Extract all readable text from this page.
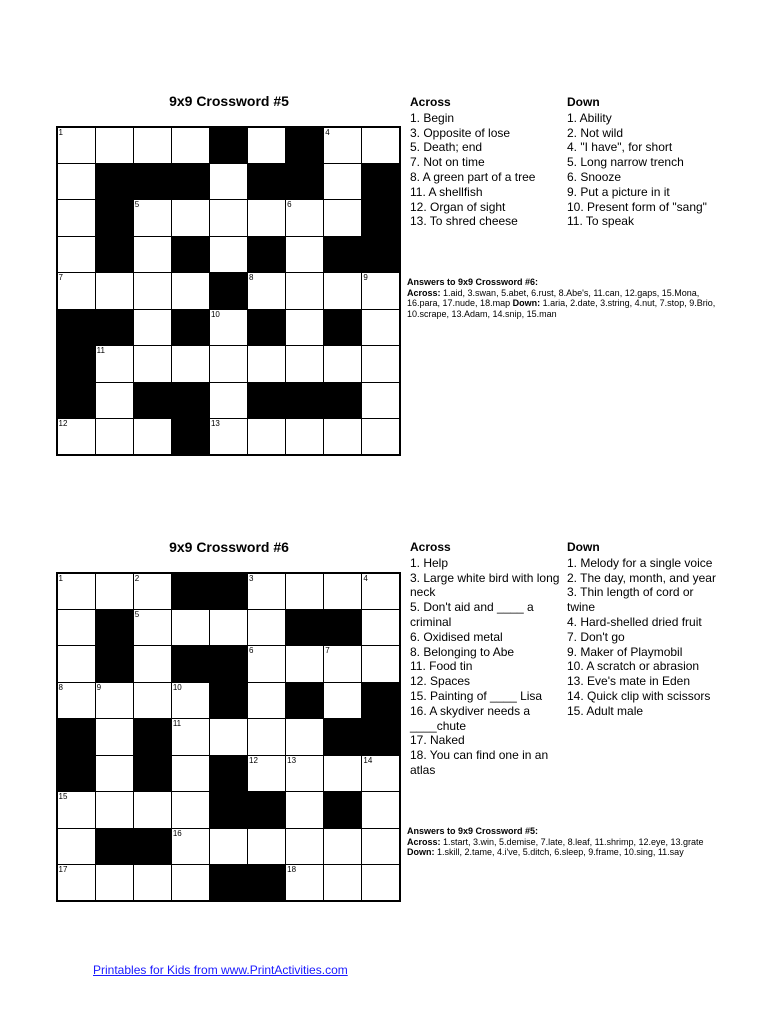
9x9 Crossword #5
1	2	3	4
5	6
7	8	9
10
11
12	13
Across
1. Begin
3. Opposite of lose
5. Death; end
7. Not on time
8. A green part of a tree
11. A shellfish
12. Organ of sight
13. To shred cheese
Down
1. Ability
2. Not wild
4. "I have", for short
5. Long narrow trench
6. Snooze
9. Put a picture in it
10. Present form of "sang"
11. To speak
Answers to 9x9 Crossword #6:
Across: 1.aid, 3.swan, 5.abet, 6.rust, 8.Abe's, 11.can, 12.gaps, 15.Mona, 16.para, 17.nude, 18.map Down: 1.aria, 2.date, 3.string, 4.nut, 7.stop, 9.Brio, 10.scrape, 13.Adam, 14.snip, 15.man
9x9 Crossword #6
1	2	3	4
5
6	7
8	9	10
11
12	13	14
15
16
17	18
Across
1. Help
3. Large white bird with long neck
5. Don't aid and ____ a criminal
6. Oxidised metal
8. Belonging to Abe
11. Food tin
12. Spaces
15. Painting of ____ Lisa
16. A skydiver needs a ____chute
17. Naked
18. You can find one in an atlas
Down
1. Melody for a single voice
2. The day, month, and year
3. Thin length of cord or twine
4. Hard-shelled dried fruit
7. Don't go
9. Maker of Playmobil
10. A scratch or abrasion
13. Eve's mate in Eden
14. Quick clip with scissors
15. Adult male
Answers to 9x9 Crossword #5:
Across: 1.start, 3.win, 5.demise, 7.late, 8.leaf, 11.shrimp, 12.eye, 13.grate Down: 1.skill, 2.tame, 4.i've, 5.ditch, 6.sleep, 9.frame, 10.sing, 11.say
Printables for Kids from www.PrintActivities.com
